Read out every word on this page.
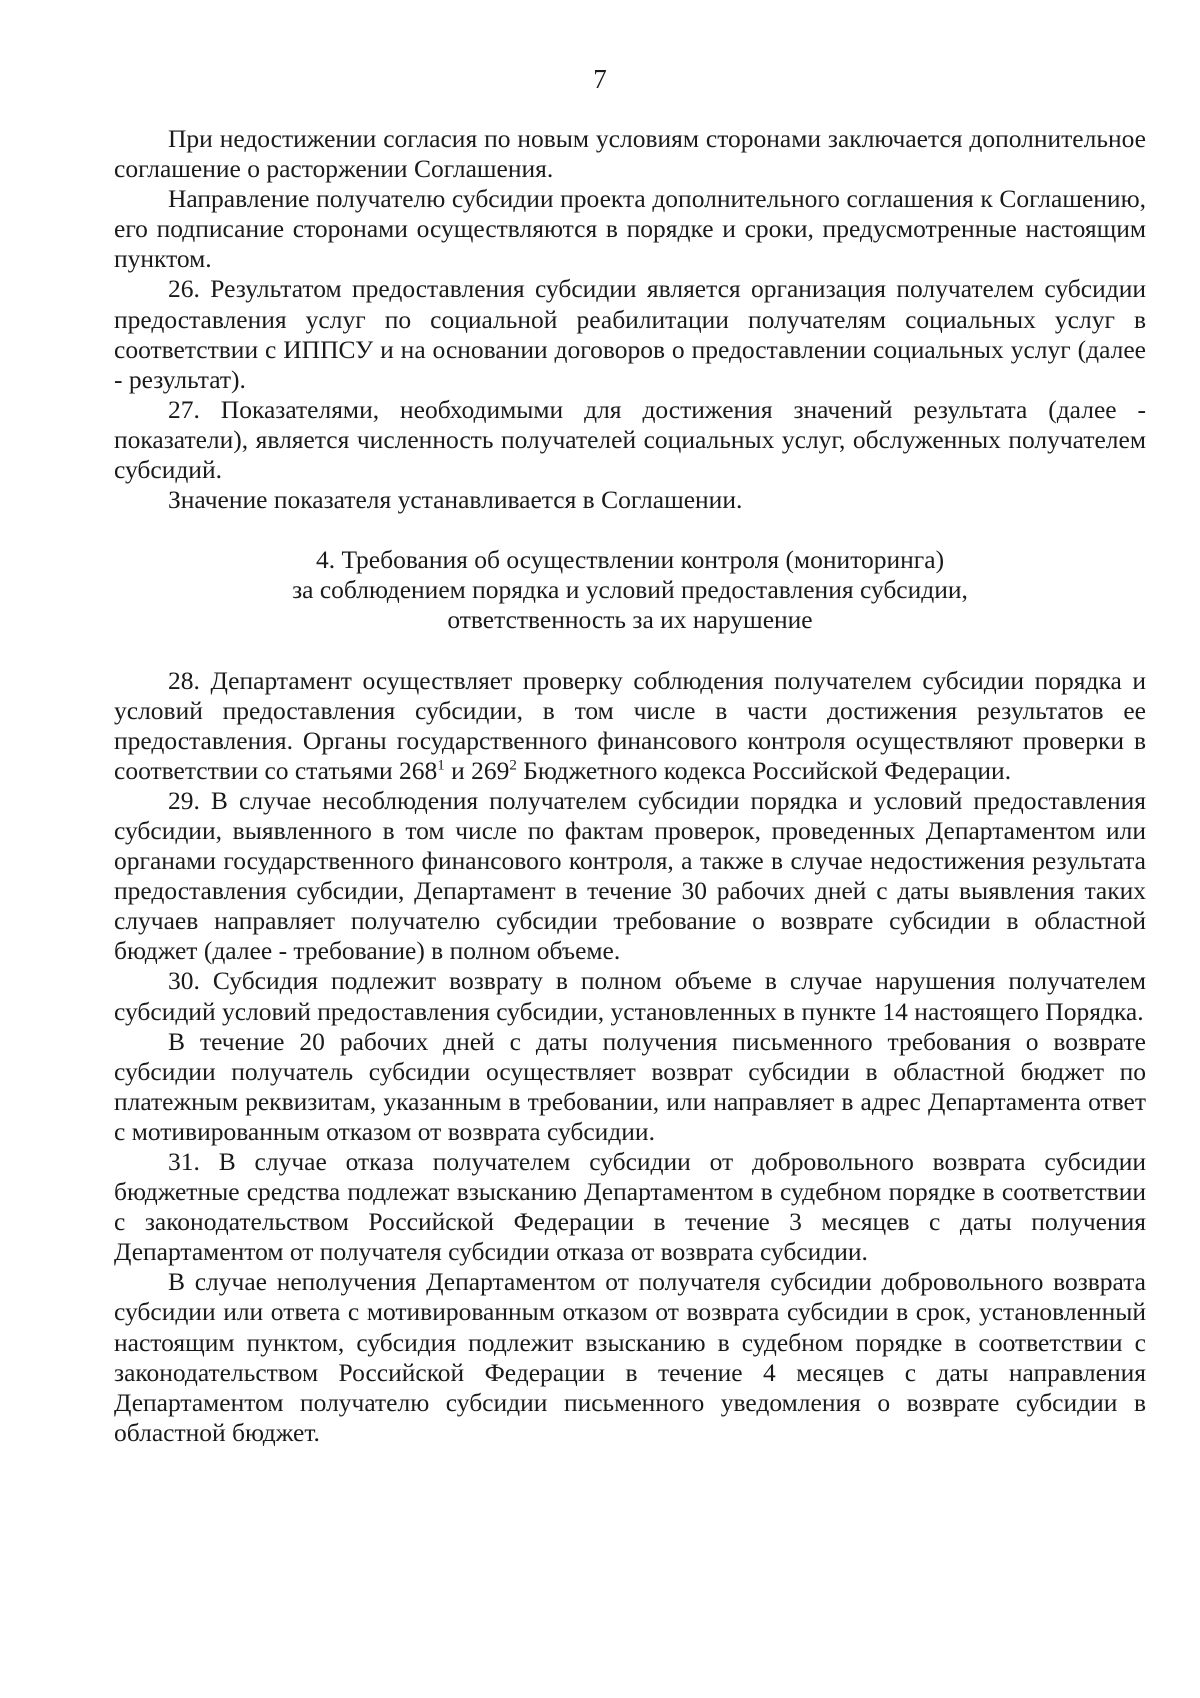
7

При недостижении согласия по новым условиям сторонами заключается дополнительное соглашение о расторжении Соглашения.

Направление получателю субсидии проекта дополнительного соглашения к Соглашению, его подписание сторонами осуществляются в порядке и сроки, предусмотренные настоящим пунктом.

26. Результатом предоставления субсидии является организация получателем субсидии предоставления услуг по социальной реабилитации получателям социальных услуг в соответствии с ИППСУ и на основании договоров о предоставлении социальных услуг (далее - результат).

27. Показателями, необходимыми для достижения значений результата (далее - показатели), является численность получателей социальных услуг, обслуженных получателем субсидий.

Значение показателя устанавливается в Соглашении.

4. Требования об осуществлении контроля (мониторинга)
за соблюдением порядка и условий предоставления субсидии,
ответственность за их нарушение

28. Департамент осуществляет проверку соблюдения получателем субсидии порядка и условий предоставления субсидии, в том числе в части достижения результатов ее предоставления. Органы государственного финансового контроля осуществляют проверки в соответствии со статьями $268^1$ и $269^2$ Бюджетного кодекса Российской Федерации.

29. В случае несоблюдения получателем субсидии порядка и условий предоставления субсидии, выявленного в том числе по фактам проверок, проведенных Департаментом или органами государственного финансового контроля, а также в случае недостижения результата предоставления субсидии, Департамент в течение 30 рабочих дней с даты выявления таких случаев направляет получателю субсидии требование о возврате субсидии в областной бюджет (далее - требование) в полном объеме.

30. Субсидия подлежит возврату в полном объеме в случае нарушения получателем субсидий условий предоставления субсидии, установленных в пункте 14 настоящего Порядка.

В течение 20 рабочих дней с даты получения письменного требования о возврате субсидии получатель субсидии осуществляет возврат субсидии в областной бюджет по платежным реквизитам, указанным в требовании, или направляет в адрес Департамента ответ с мотивированным отказом от возврата субсидии.

31. В случае отказа получателем субсидии от добровольного возврата субсидии бюджетные средства подлежат взысканию Департаментом в судебном порядке в соответствии с законодательством Российской Федерации в течение 3 месяцев с даты получения Департаментом от получателя субсидии отказа от возврата субсидии.

В случае неполучения Департаментом от получателя субсидии добровольного возврата субсидии или ответа с мотивированным отказом от возврата субсидии в срок, установленный настоящим пунктом, субсидия подлежит взысканию в судебном порядке в соответствии с законодательством Российской Федерации в течение 4 месяцев с даты направления Департаментом получателю субсидии письменного уведомления о возврате субсидии в областной бюджет.
